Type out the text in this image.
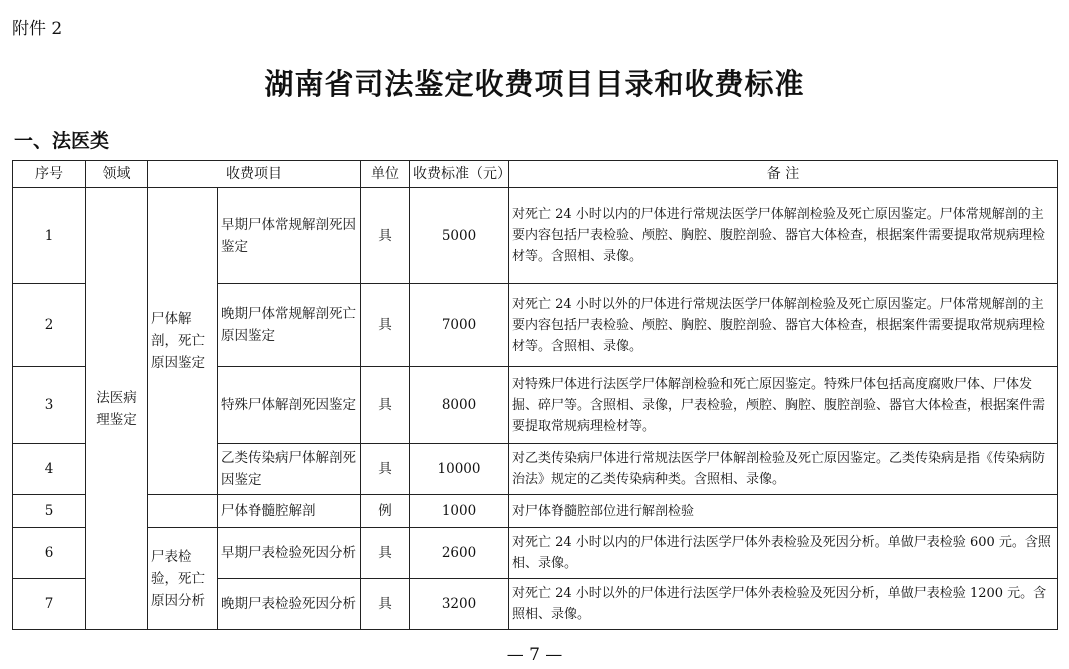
附件 2
湖南省司法鉴定收费项目目录和收费标准
一、法医类
序号	领域	收费项目		单位	收费标准（元）	备 注
1	法医病理鉴定	尸体解剖，死亡原因鉴定	早期尸体常规解剖死因鉴定	具	5000	对死亡 24 小时以内的尸体进行常规法医学尸体解剖检验及死亡原因鉴定。尸体常规解剖的主要内容包括尸表检验、颅腔、胸腔、腹腔剖验、器官大体检查，根据案件需要提取常规病理检材等。含照相、录像。
2			晚期尸体常规解剖死亡原因鉴定	具	7000	对死亡 24 小时以外的尸体进行常规法医学尸体解剖检验及死亡原因鉴定。尸体常规解剖的主要内容包括尸表检验、颅腔、胸腔、腹腔剖验、器官大体检查，根据案件需要提取常规病理检材等。含照相、录像。
3			特殊尸体解剖死因鉴定	具	8000	对特殊尸体进行法医学尸体解剖检验和死亡原因鉴定。特殊尸体包括高度腐败尸体、尸体发掘、碎尸等。含照相、录像，尸表检验，颅腔、胸腔、腹腔剖验、器官大体检查，根据案件需要提取常规病理检材等。
4			乙类传染病尸体解剖死因鉴定	具	10000	对乙类传染病尸体进行常规法医学尸体解剖检验及死亡原因鉴定。乙类传染病是指《传染病防治法》规定的乙类传染病种类。含照相、录像。
5			尸体脊髓腔解剖	例	1000	对尸体脊髓腔部位进行解剖检验
6		尸表检验，死亡原因分析	早期尸表检验死因分析	具	2600	对死亡 24 小时以内的尸体进行法医学尸体外表检验及死因分析。单做尸表检验 600 元。含照相、录像。
7			晚期尸表检验死因分析	具	3200	对死亡 24 小时以外的尸体进行法医学尸体外表检验及死因分析，单做尸表检验 1200 元。含照相、录像。
— 7 —
